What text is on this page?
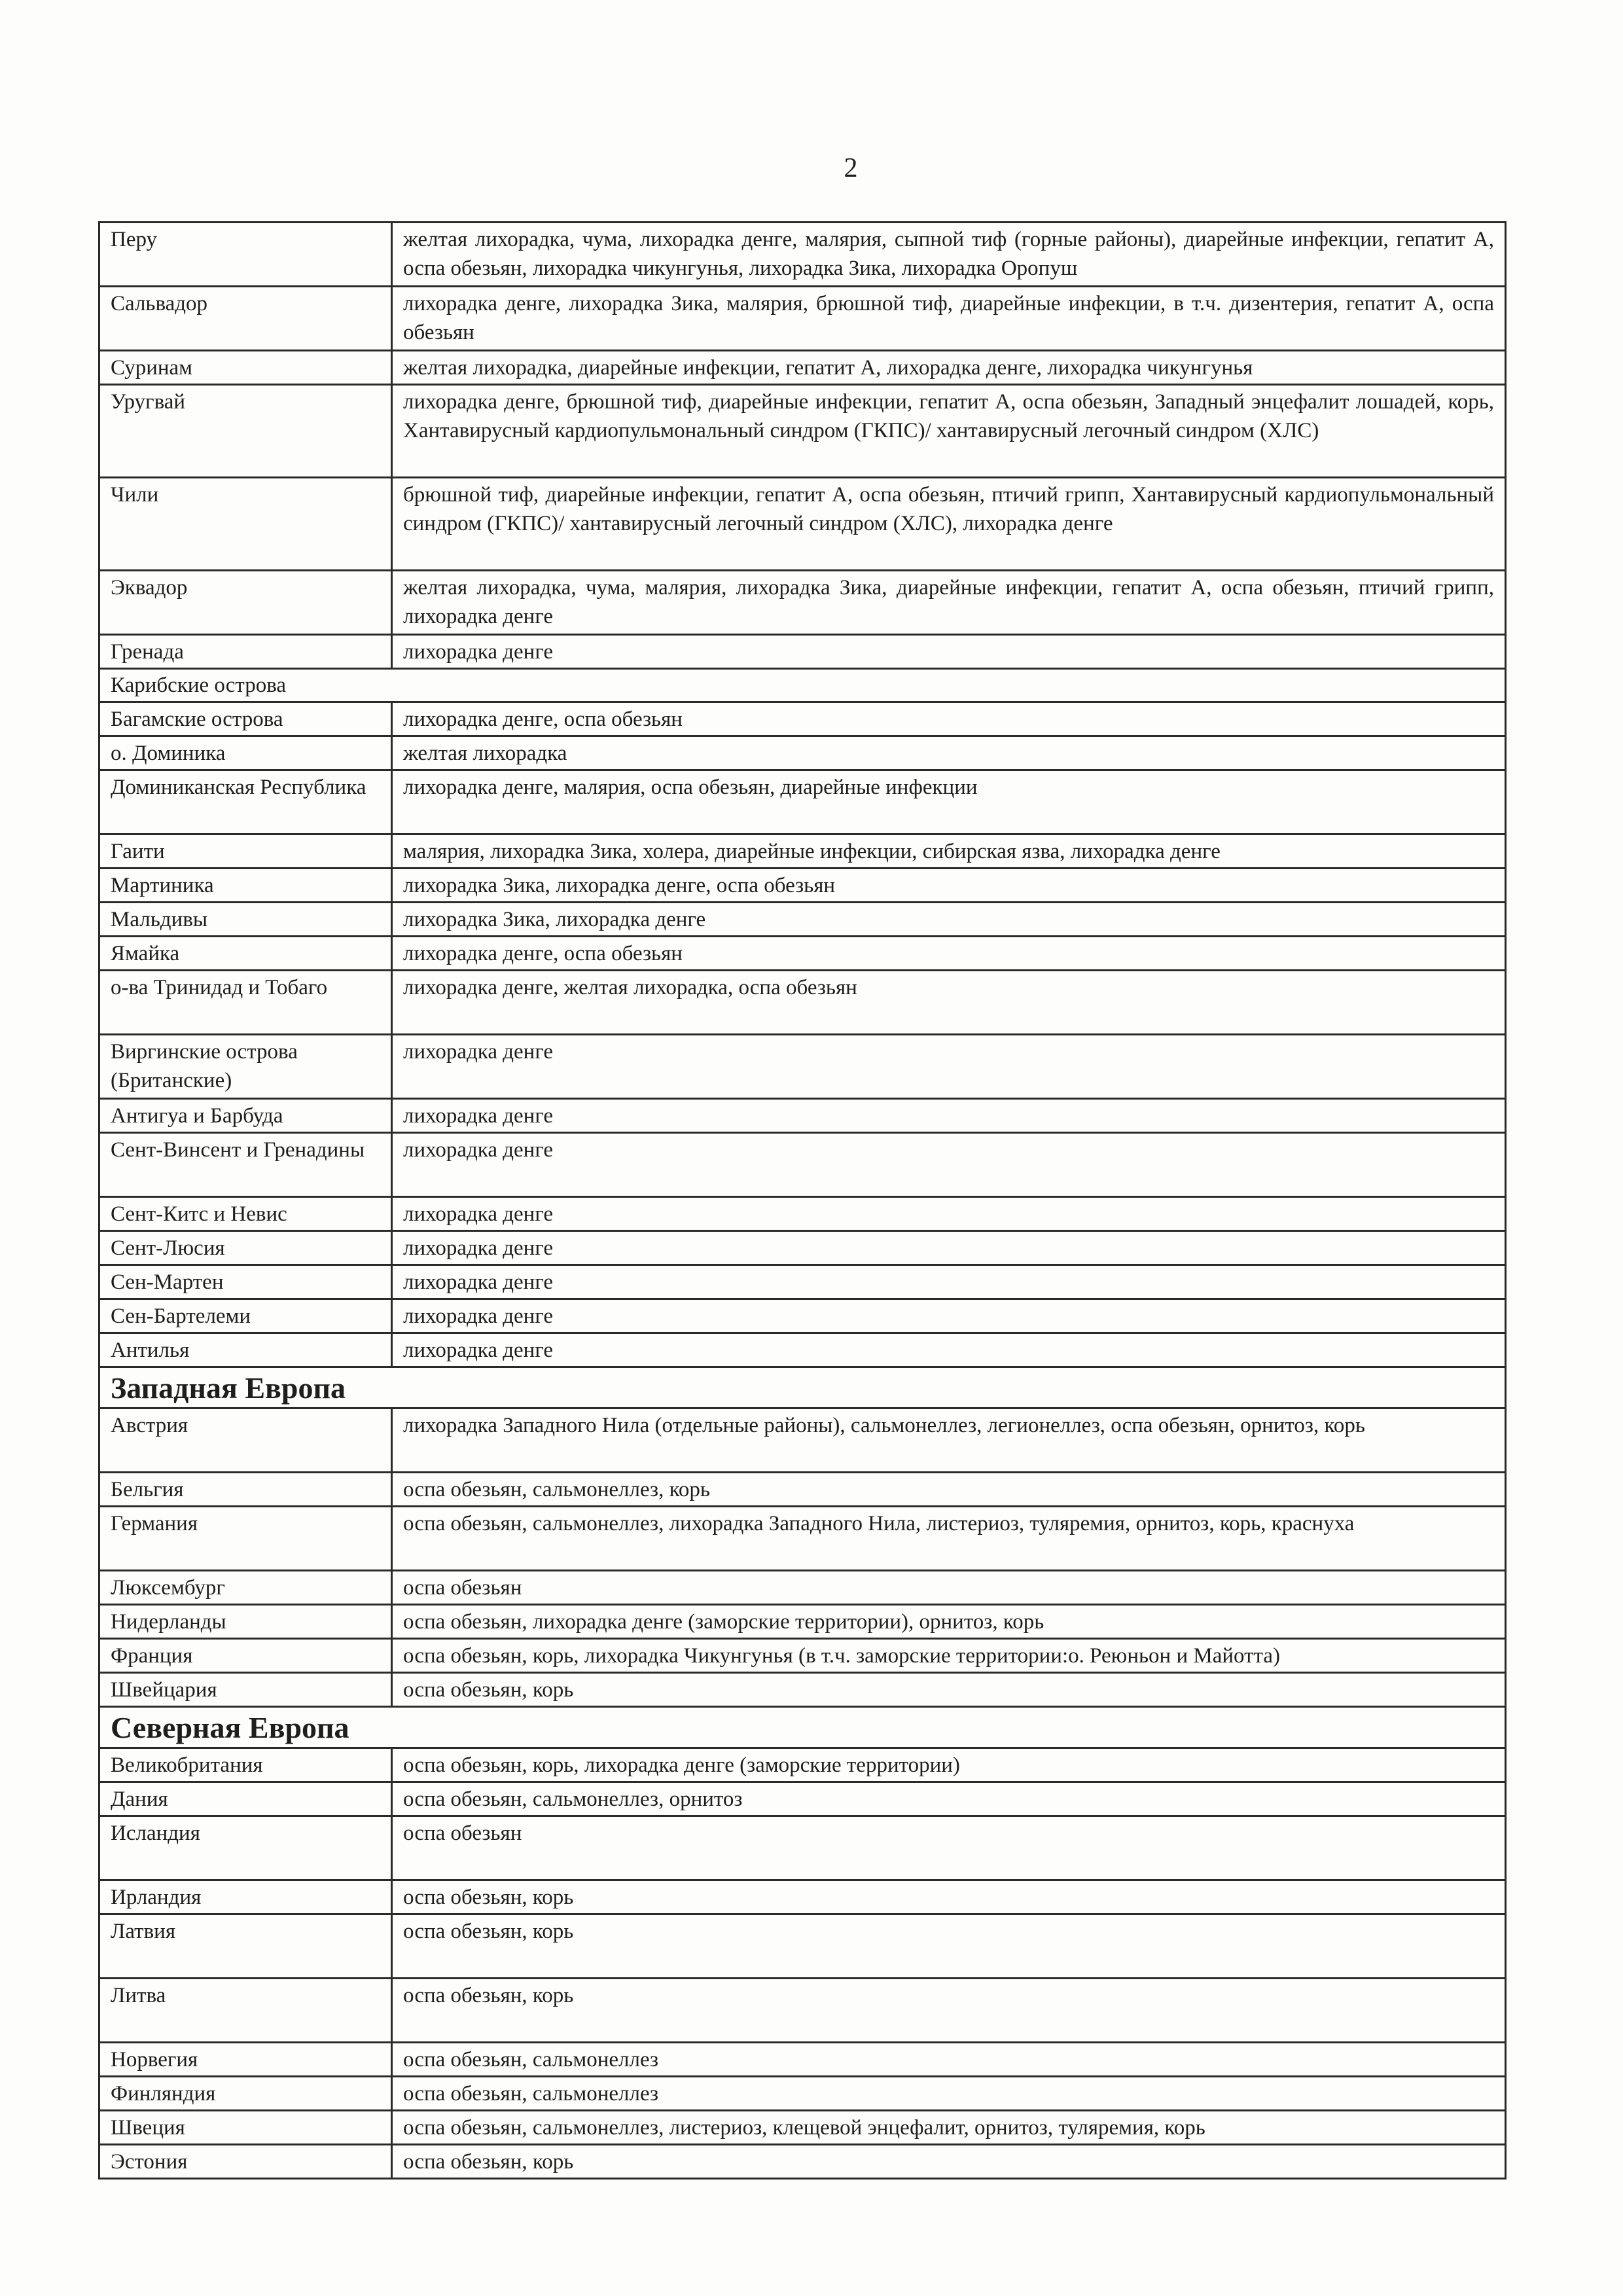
2
Перу	желтая лихорадка, чума, лихорадка денге, малярия, сыпной тиф (горные районы), диарейные инфекции, гепатит А, оспа обезьян, лихорадка чикунгунья, лихорадка Зика, лихорадка Оропуш
Сальвадор	лихорадка денге, лихорадка Зика, малярия, брюшной тиф, диарейные инфекции, в т.ч. дизентерия, гепатит А, оспа обезьян
Суринам	желтая лихорадка, диарейные инфекции, гепатит А, лихорадка денге, лихорадка чикунгунья
Уругвай	лихорадка денге, брюшной тиф, диарейные инфекции, гепатит А, оспа обезьян, Западный энцефалит лошадей, корь, Хантавирусный кардиопульмональный синдром (ГКПС)/ хантавирусный легочный синдром (ХЛС)
Чили	брюшной тиф, диарейные инфекции, гепатит А, оспа обезьян, птичий грипп, Хантавирусный кардиопульмональный синдром (ГКПС)/ хантавирусный легочный синдром (ХЛС), лихорадка денге
Эквадор	желтая лихорадка, чума, малярия, лихорадка Зика, диарейные инфекции, гепатит А, оспа обезьян, птичий грипп, лихорадка денге
Гренада	лихорадка денге
Карибские острова	
Багамские острова	лихорадка денге, оспа обезьян
о. Доминика	желтая лихорадка
Доминиканская Республика	лихорадка денге, малярия, оспа обезьян, диарейные инфекции
Гаити	малярия, лихорадка Зика, холера, диарейные инфекции, сибирская язва, лихорадка денге
Мартиника	лихорадка Зика, лихорадка денге, оспа обезьян
Мальдивы	лихорадка Зика, лихорадка денге
Ямайка	лихорадка денге, оспа обезьян
о-ва Тринидад и Тобаго	лихорадка денге, желтая лихорадка, оспа обезьян
Виргинские острова (Британские)	лихорадка денге
Антигуа и Барбуда	лихорадка денге
Сент-Винсент и Гренадины	лихорадка денге
Сент-Китс и Невис	лихорадка денге
Сент-Люсия	лихорадка денге
Сен-Мартен	лихорадка денге
Сен-Бартелеми	лихорадка денге
Антилья	лихорадка денге
Западная Европа	
Австрия	лихорадка Западного Нила (отдельные районы), сальмонеллез, легионеллез, оспа обезьян, орнитоз, корь
Бельгия	оспа обезьян, сальмонеллез, корь
Германия	оспа обезьян, сальмонеллез, лихорадка Западного Нила, листериоз, туляремия, орнитоз, корь, краснуха
Люксембург	оспа обезьян
Нидерланды	оспа обезьян, лихорадка денге (заморские территории), орнитоз, корь
Франция	оспа обезьян, корь, лихорадка Чикунгунья (в т.ч. заморские территории:о. Реюньон и Майотта)
Швейцария	оспа обезьян, корь
Северная Европа	
Великобритания	оспа обезьян, корь, лихорадка денге (заморские территории)
Дания	оспа обезьян, сальмонеллез, орнитоз
Исландия	оспа обезьян
Ирландия	оспа обезьян, корь
Латвия	оспа обезьян, корь
Литва	оспа обезьян, корь
Норвегия	оспа обезьян, сальмонеллез
Финляндия	оспа обезьян, сальмонеллез
Швеция	оспа обезьян, сальмонеллез, листериоз, клещевой энцефалит, орнитоз, туляремия, корь
Эстония	оспа обезьян, корь
